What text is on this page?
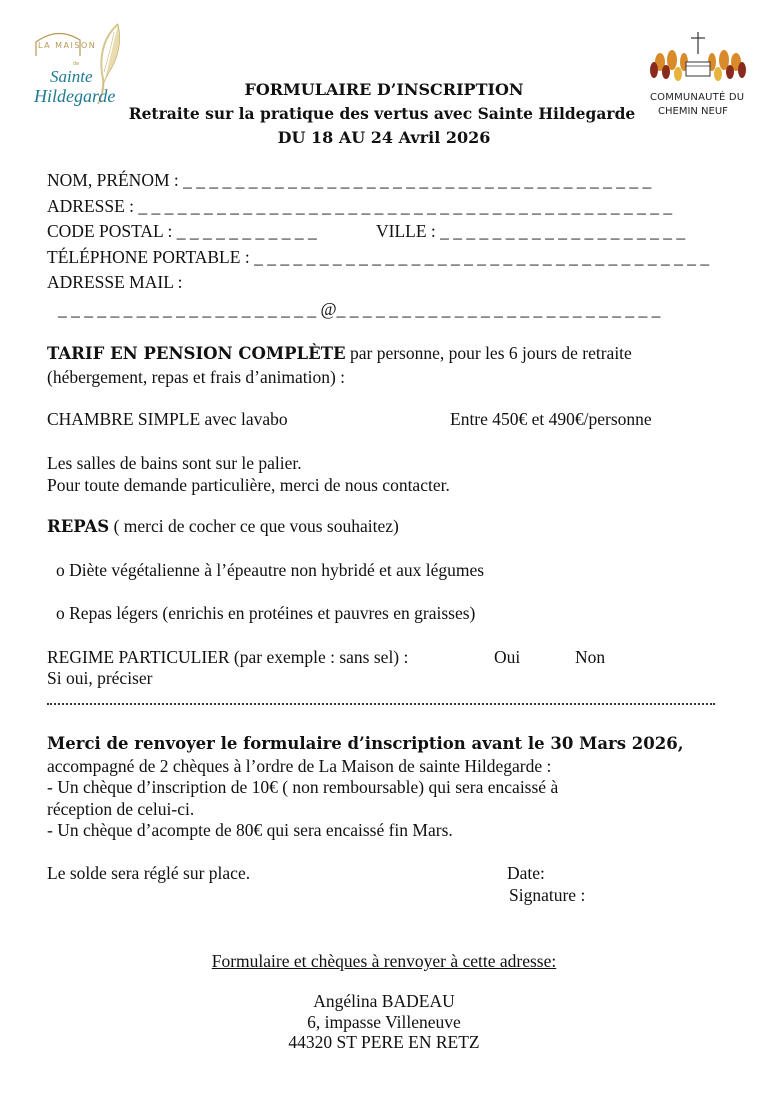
LA MAISON
de
Sainte
Hildegarde	COMMUNAUTÉ DU
CHEMIN NEUF
FORMULAIRE D’INSCRIPTION
Retraite sur la pratique des vertus avec Sainte Hildegarde
DU 18 AU 24 Avril 2026
NOM, PRÉNOM : _ _ _ _ _ _ _ _ _ _ _ _ _ _ _ _ _ _ _ _ _ _ _ _ _ _ _ _ _ _ _ _ _ _ _ _
ADRESSE : _ _ _ _ _ _ _ _ _ _ _ _ _ _ _ _ _ _ _ _ _ _ _ _ _ _ _ _ _ _ _ _ _ _ _ _ _ _ _ _ _
CODE POSTAL : _ _ _ _ _ _ _ _ _ _ _	VILLE : _ _ _ _ _ _ _ _ _ _ _ _ _ _ _ _ _ _ _
TÉLÉPHONE PORTABLE : _ _ _ _ _ _ _ _ _ _ _ _ _ _ _ _ _ _ _ _ _ _ _ _ _ _ _ _ _ _ _ _ _ _ _
ADRESSE MAIL :
_ _ _ _ _ _ _ _ _ _ _ _ _ _ _ _ _ _ _ _ @_ _ _ _ _ _ _ _ _ _ _ _ _ _ _ _ _ _ _ _ _ _ _ _ _
TARIF EN PENSION COMPLÈTE par personne, pour les 6 jours de retraite
(hébergement, repas et frais d’animation) :
CHAMBRE SIMPLE avec lavabo	Entre 450€ et 490€/personne
Les salles de bains sont sur le palier.
Pour toute demande particulière, merci de nous contacter.
REPAS ( merci de cocher ce que vous souhaitez)
o Diète végétalienne à l’épeautre non hybridé et aux légumes
o Repas légers (enrichis en protéines et pauvres en graisses)
REGIME PARTICULIER (par exemple : sans sel) :	Oui	Non
Si oui, préciser
Merci de renvoyer le formulaire d’inscription avant le 30 Mars 2026,
accompagné de 2 chèques à l’ordre de La Maison de sainte Hildegarde :
- Un chèque d’inscription de 10€ ( non remboursable) qui sera encaissé à
réception de celui-ci.
- Un chèque d’acompte de 80€ qui sera encaissé fin Mars.
Le solde sera réglé sur place.	Date:
Signature :
Formulaire et chèques à renvoyer à cette adresse:
Angélina BADEAU
6, impasse Villeneuve
44320 ST PERE EN RETZ
